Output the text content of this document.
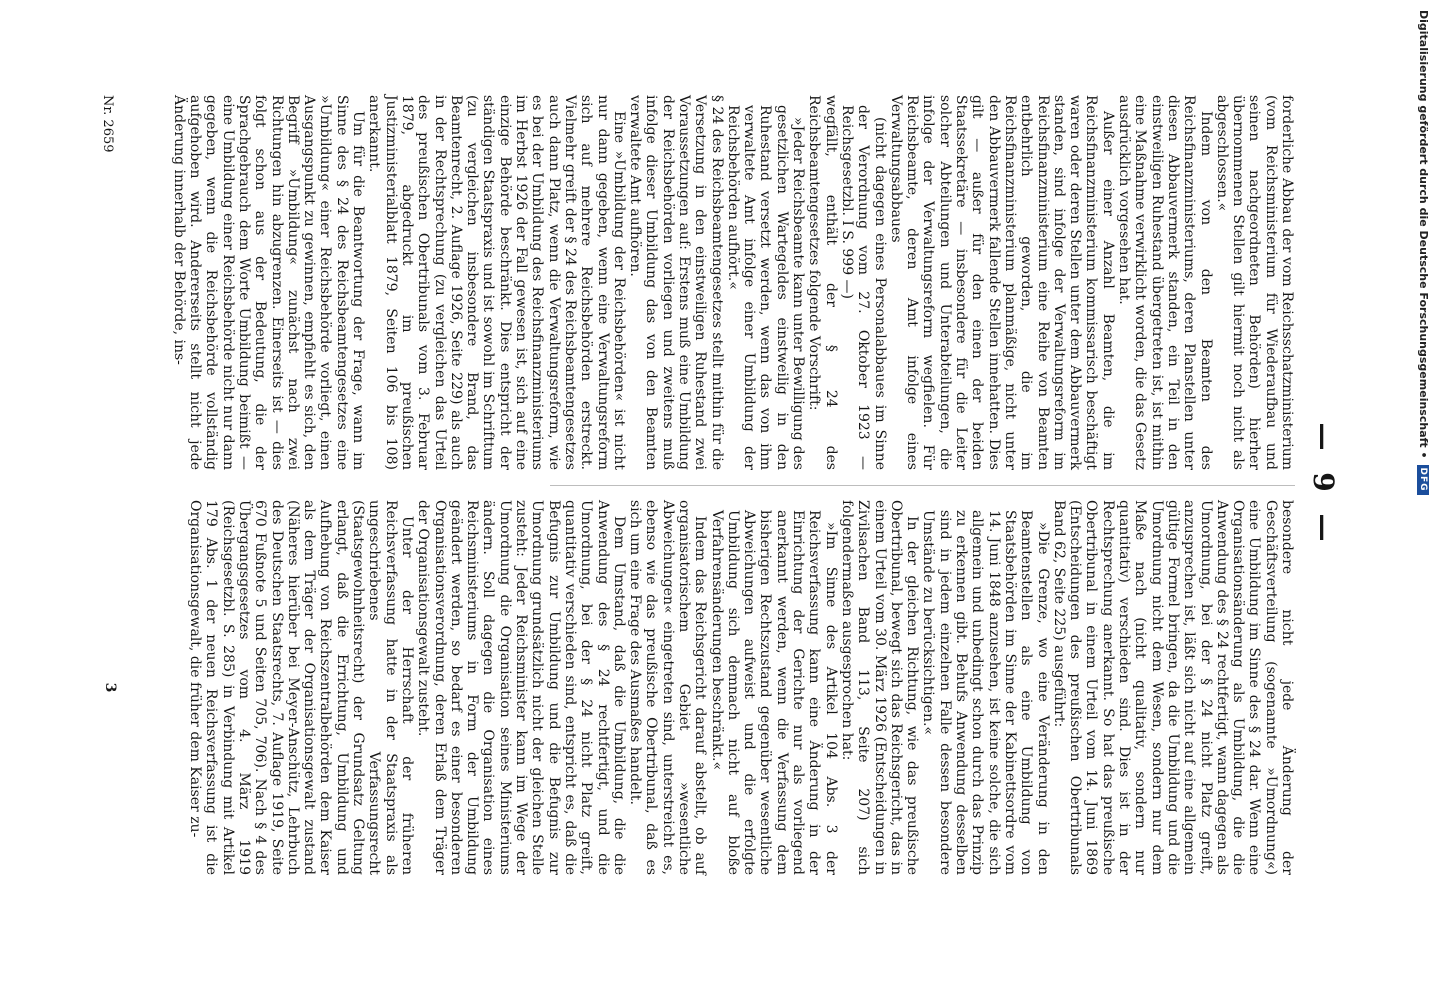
— 9 —

forderliche Abbau der vom Reichsschatzministerium (vom Reichsministerium für Wiederaufbau und seinen nachgeordneten Behörden) hierher übernommenen Stellen gilt hiermit noch nicht als abgeschlossen.«

Indem von den Beamten des Reichsfinanzministeriums, deren Planstellen unter diesen Abbauvermerk standen, ein Teil in den einstweiligen Ruhestand übergetreten ist, ist mithin eine Maßnahme verwirklicht worden, die das Gesetz ausdrücklich vorgesehen hat.

Außer einer Anzahl Beamten, die im Reichsfinanzministerium kommissarisch beschäftigt waren oder deren Stellen unter dem Abbauvermerk standen, sind infolge der Verwaltungsreform im Reichsfinanzministerium eine Reihe von Beamten entbehrlich geworden, die im Reichsfinanzministerium planmäßige, nicht unter den Abbauvermerk fallende Stellen innehatten. Dies gilt — außer für den einen der beiden Staatssekretäre — insbesondere für die Leiter solcher Abteilungen und Unterabteilungen, die infolge der Verwaltungsreform wegfielen. Für Reichsbeamte, deren Amt infolge eines Verwaltungsabbaues

(nicht dagegen eines Personalabbaues im Sinne der Verordnung vom 27. Oktober 1923 — Reichsgesetzbl. I S. 999 —)

wegfällt, enthält der § 24 des Reichsbeamtengesetzes folgende Vorschrift:

»Jeder Reichsbeamte kann unter Bewilligung des gesetzlichen Wartegeldes einstweilig in den Ruhestand versetzt werden, wenn das von ihm verwaltete Amt infolge einer Umbildung der Reichsbehörden aufhört.«

§ 24 des Reichsbeamtengesetzes stellt mithin für die Versetzung in den einstweiligen Ruhestand zwei Voraussetzungen auf: Erstens muß eine Umbildung der Reichsbehörden vorliegen und zweitens muß infolge dieser Umbildung das von den Beamten verwaltete Amt aufhören.

Eine »Umbildung der Reichsbehörden« ist nicht nur dann gegeben, wenn eine Verwaltungsreform sich auf mehrere Reichsbehörden erstreckt. Vielmehr greift der § 24 des Reichsbeamtengesetzes auch dann Platz, wenn die Verwaltungsreform, wie es bei der Umbildung des Reichsfinanzministeriums im Herbst 1926 der Fall gewesen ist, sich auf eine einzige Behörde beschränkt. Dies entspricht der ständigen Staatspraxis und ist sowohl im Schrifttum (zu vergleichen insbesondere Brand, das Beamtenrecht, 2. Auflage 1926, Seite 229) als auch in der Rechtsprechung (zu vergleichen das Urteil des preußischen Obertribunals vom 3. Februar 1879, abgedruckt im preußischen Justizministerialblatt 1879, Seiten 106 bis 108) anerkannt.

Um für die Beantwortung der Frage, wann im Sinne des § 24 des Reichsbeamtengesetzes eine »Umbildung« einer Reichsbehörde vorliegt, einen Ausgangspunkt zu gewinnen, empfiehlt es sich, den Begriff »Umbildung« zunächst nach zwei Richtungen hin abzugrenzen. Einerseits ist — dies folgt schon aus der Bedeutung, die der Sprachgebrauch dem Worte Umbildung beimißt — eine Umbildung einer Reichsbehörde nicht nur dann gegeben, wenn die Reichsbehörde vollständig aufgehoben wird. Andererseits stellt nicht jede Änderung innerhalb der Behörde, ins-

besondere nicht jede Änderung der Geschäftsverteilung (sogenannte »Umordnung«) eine Umbildung im Sinne des § 24 dar. Wenn eine Organisationsänderung als Umbildung, die die Anwendung des § 24 rechtfertigt, wann dagegen als Umordnung, bei der § 24 nicht Platz greift, anzusprechen ist, läßt sich nicht auf eine allgemein gültige Formel bringen, da die Umbildung und die Umordnung nicht dem Wesen, sondern nur dem Maße nach (nicht qualitativ, sondern nur quantitativ) verschieden sind. Dies ist in der Rechtsprechung anerkannt. So hat das preußische Obertribunal in einem Urteil vom 14. Juni 1869 (Entscheidungen des preußischen Obertribunals Band 62, Seite 225) ausgeführt:

»Die Grenze, wo eine Veränderung in den Beamtenstellen als eine Umbildung von Staatsbehörden im Sinne der Kabinettsordre vom 14. Juni 1848 anzusehen, ist keine solche, die sich allgemein und unbedingt schon durch das Prinzip zu erkennen gibt. Behufs Anwendung desselben sind in jedem einzelnen Falle dessen besondere Umstände zu berücksichtigen.«

In der gleichen Richtung, wie das preußische Obertribunal, bewegt sich das Reichsgericht, das in einem Urteil vom 30. März 1926 (Entscheidungen in Zivilsachen Band 113, Seite 207) sich folgendermaßen ausgesprochen hat:

»Im Sinne des Artikel 104 Abs. 3 der Reichsverfassung kann eine Änderung in der Einrichtung der Gerichte nur als vorliegend anerkannt werden, wenn die Verfassung dem bisherigen Rechtszustand gegenüber wesentliche Abweichungen aufweist und die erfolgte Umbildung sich demnach nicht auf bloße Verfahrensänderungen beschränkt.«

Indem das Reichsgericht darauf abstellt, ob auf organisatorischem Gebiet »wesentliche Abweichungen« eingetreten sind, unterstreicht es, ebenso wie das preußische Obertribunal, daß es sich um eine Frage des Ausmaßes handelt.

Dem Umstand, daß die Umbildung, die die Anwendung des § 24 rechtfertigt, und die Umordnung, bei der § 24 nicht Platz greift, quantitativ verschieden sind, entspricht es, daß die Befugnis zur Umbildung und die Befugnis zur Umordnung grundsätzlich nicht der gleichen Stelle zusteht: Jeder Reichsminister kann im Wege der Umordnung die Organisation seines Ministeriums ändern. Soll dagegen die Organisation eines Reichsministeriums in Form der Umbildung geändert werden, so bedarf es einer besonderen Organisationsverordnung, deren Erlaß dem Träger der Organisationsgewalt zusteht.

Unter der Herrschaft der früheren Reichsverfassung hatte in der Staatspraxis als ungeschriebenes Verfassungsrecht (Staatsgewohnheitsrecht) der Grundsatz Geltung erlangt, daß die Errichtung, Umbildung und Aufhebung von Reichszentralbehörden dem Kaiser als dem Träger der Organisationsgewalt zustand (Näheres hierüber bei Meyer-Anschütz, Lehrbuch des Deutschen Staatsrechts, 7. Auflage 1919, Seite 670 Fußnote 5 und Seiten 705, 706). Nach § 4 des Übergangsgesetzes vom 4. März 1919 (Reichsgesetzbl. S. 285) in Verbindung mit Artikel 179 Abs. 1 der neuen Reichsverfassung ist die Organisationsgewalt, die früher dem Kaiser zu-

Nr. 2659
3
Digitalisierung gefördert durch die Deutsche Forschungsgemeinschaft •
DFG
